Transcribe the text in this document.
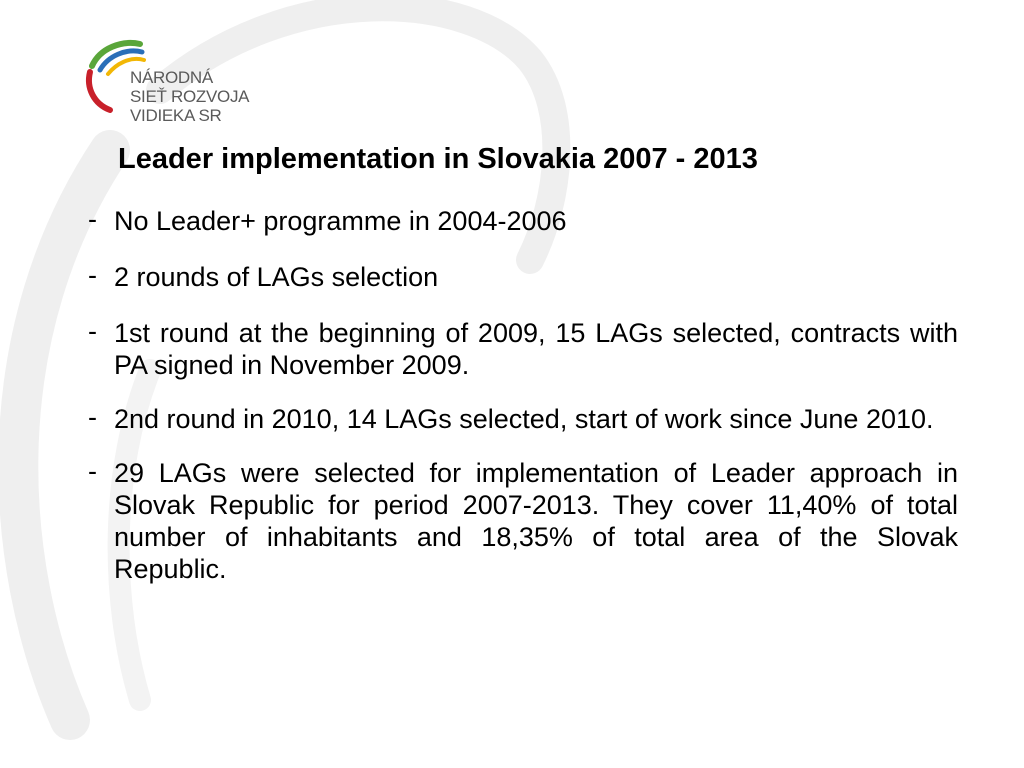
NÁRODNÁ
SIEŤ ROZVOJA
VIDIEKA SR
Leader implementation in Slovakia 2007 - 2013
- No Leader+ programme in 2004-2006
- 2 rounds of LAGs selection
- 1st round at the beginning of 2009, 15 LAGs selected, contracts with PA signed in November 2009.
- 2nd round in 2010, 14 LAGs selected, start of work since June 2010.
- 29 LAGs were selected for implementation of Leader approach in Slovak Republic for period 2007-2013. They cover 11,40% of total number of inhabitants and 18,35% of total area of the Slovak Republic.
